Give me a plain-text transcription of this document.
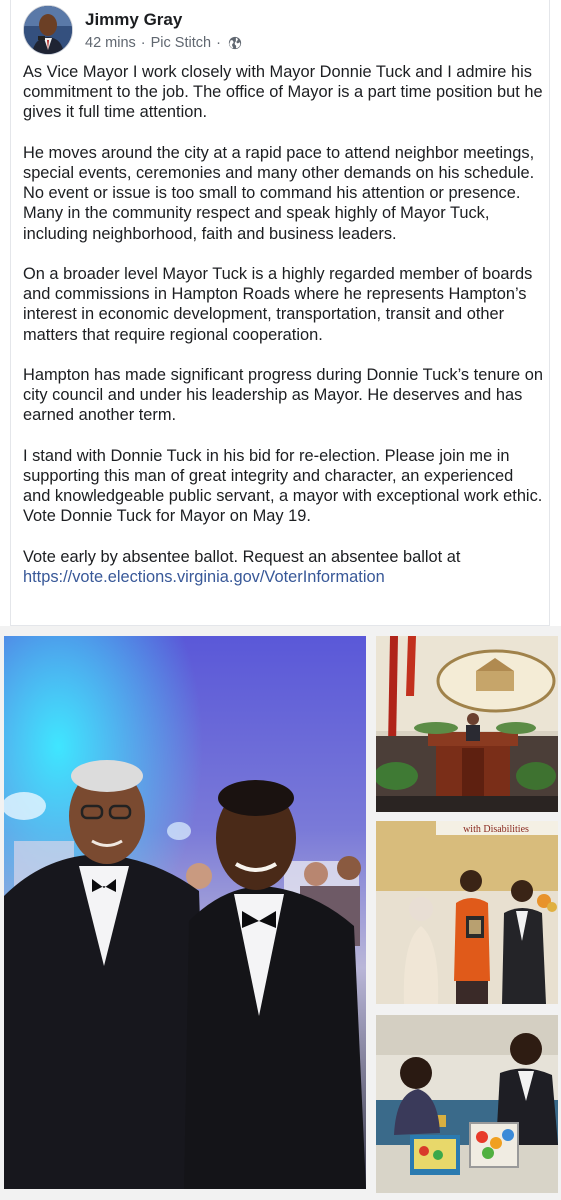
Jimmy Gray
42 mins · Pic Stitch ·

As Vice Mayor I work closely with Mayor Donnie Tuck and I admire his commitment to the job. The office of Mayor is a part time position but he gives it full time attention.

He moves around the city at a rapid pace to attend neighbor meetings, special events, ceremonies and many other demands on his schedule. No event or issue is too small to command his attention or presence. Many in the community respect and speak highly of Mayor Tuck, including neighborhood, faith and business leaders.

On a broader level Mayor Tuck is a highly regarded member of boards and commissions in Hampton Roads where he represents Hampton’s interest in economic development, transportation, transit and other matters that require regional cooperation.

Hampton has made significant progress during Donnie Tuck’s tenure on city council and under his leadership as Mayor. He deserves and has earned another term.

I stand with Donnie Tuck in his bid for re-election. Please join me in supporting this man of great integrity and character, an experienced and knowledgeable public servant, a mayor with exceptional work ethic. Vote Donnie Tuck for Mayor on May 19.

Vote early by absentee ballot. Request an absentee ballot at
https://vote.elections.virginia.gov/VoterInformation

with Disabilities
